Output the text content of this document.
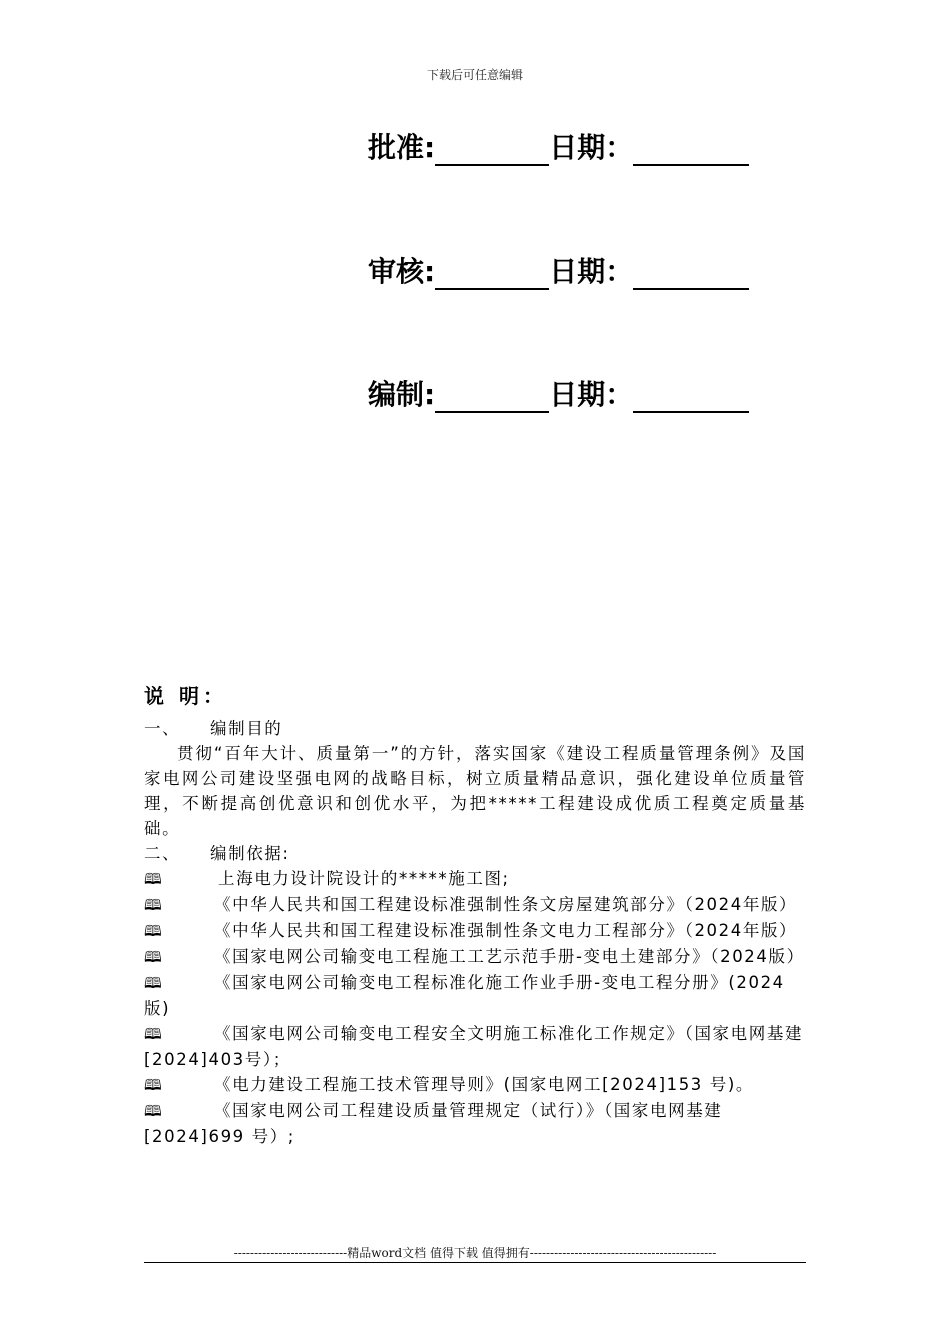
下载后可任意编辑
批准:	日期：
审核:	日期：
编制:	日期：
说 明：
一、	编制目的
贯彻“百年大计、质量第一”的方针，落实国家《建设工程质量管理条例》及国家电网公司建设坚强电网的战略目标，树立质量精品意识，强化建设单位质量管理，不断提高创优意识和创优水平，为把*****工程建设成优质工程奠定质量基础。
二、	编制依据:
🕮	上海电力设计院设计的*****施工图;
🕮	《中华人民共和国工程建设标准强制性条文房屋建筑部分》（2024年版）
🕮	《中华人民共和国工程建设标准强制性条文电力工程部分》（2024年版）
🕮	《国家电网公司输变电工程施工工艺示范手册-变电土建部分》（2024版）
🕮	《国家电网公司输变电工程标准化施工作业手册-变电工程分册》(2024版)
🕮	《国家电网公司输变电工程安全文明施工标准化工作规定》（国家电网基建[2024]403号）；
🕮	《电力建设工程施工技术管理导则》(国家电网工[2024]153 号)。
🕮	《国家电网公司工程建设质量管理规定（试行）》（国家电网基建[2024]699 号）;
----------------------------精品word文档 值得下载 值得拥有----------------------------------------------
